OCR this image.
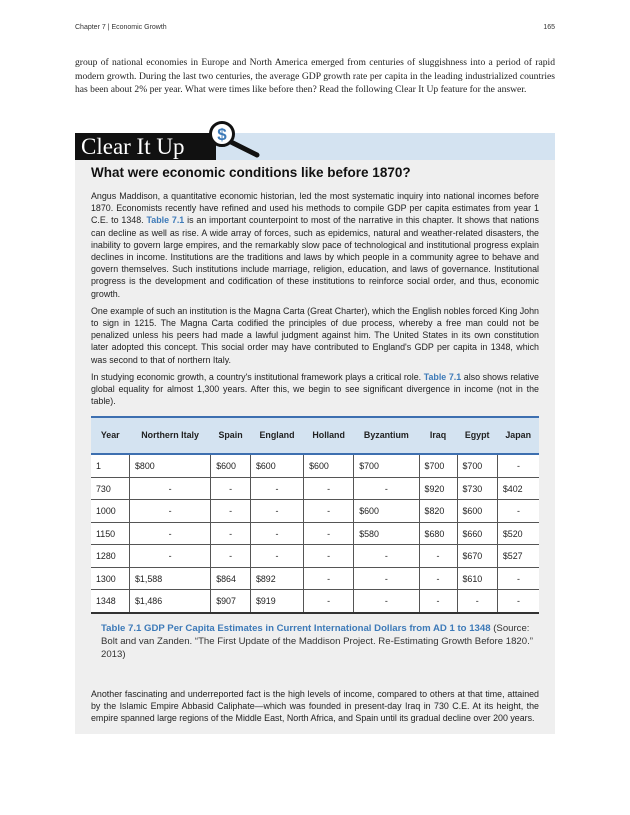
Chapter 7 | Economic Growth	165

group of national economies in Europe and North America emerged from centuries of sluggishness into a period of rapid modern growth. During the last two centuries, the average GDP growth rate per capita in the leading industrialized countries has been about 2% per year. What were times like before then? Read the following Clear It Up feature for the answer.

Clear It Up	$
What were economic conditions like before 1870?

Angus Maddison, a quantitative economic historian, led the most systematic inquiry into national incomes before 1870. Economists recently have refined and used his methods to compile GDP per capita estimates from year 1 C.E. to 1348. Table 7.1 is an important counterpoint to most of the narrative in this chapter. It shows that nations can decline as well as rise. A wide array of forces, such as epidemics, natural and weather-related disasters, the inability to govern large empires, and the remarkably slow pace of technological and institutional progress explain declines in income. Institutions are the traditions and laws by which people in a community agree to behave and govern themselves. Such institutions include marriage, religion, education, and laws of governance. Institutional progress is the development and codification of these institutions to reinforce social order, and thus, economic growth.

One example of such an institution is the Magna Carta (Great Charter), which the English nobles forced King John to sign in 1215. The Magna Carta codified the principles of due process, whereby a free man could not be penalized unless his peers had made a lawful judgment against him. The United States in its own constitution later adopted this concept. This social order may have contributed to England's GDP per capita in 1348, which was second to that of northern Italy.

In studying economic growth, a country's institutional framework plays a critical role. Table 7.1 also shows relative global equality for almost 1,300 years. After this, we begin to see significant divergence in income (not in the table).

Year	Northern Italy	Spain	England	Holland	Byzantium	Iraq	Egypt	Japan
1	$800	$600	$600	$600	$700	$700	$700	-
730	-	-	-	-	-	$920	$730	$402
1000	-	-	-	-	$600	$820	$600	-
1150	-	-	-	-	$580	$680	$660	$520
1280	-	-	-	-	-	-	$670	$527
1300	$1,588	$864	$892	-	-	-	$610	-
1348	$1,486	$907	$919	-	-	-	-	-
Table 7.1 GDP Per Capita Estimates in Current International Dollars from AD 1 to 1348 (Source: Bolt and van Zanden. “The First Update of the Maddison Project. Re-Estimating Growth Before 1820.” 2013)

Another fascinating and underreported fact is the high levels of income, compared to others at that time, attained by the Islamic Empire Abbasid Caliphate—which was founded in present-day Iraq in 730 C.E. At its height, the empire spanned large regions of the Middle East, North Africa, and Spain until its gradual decline over 200 years.
